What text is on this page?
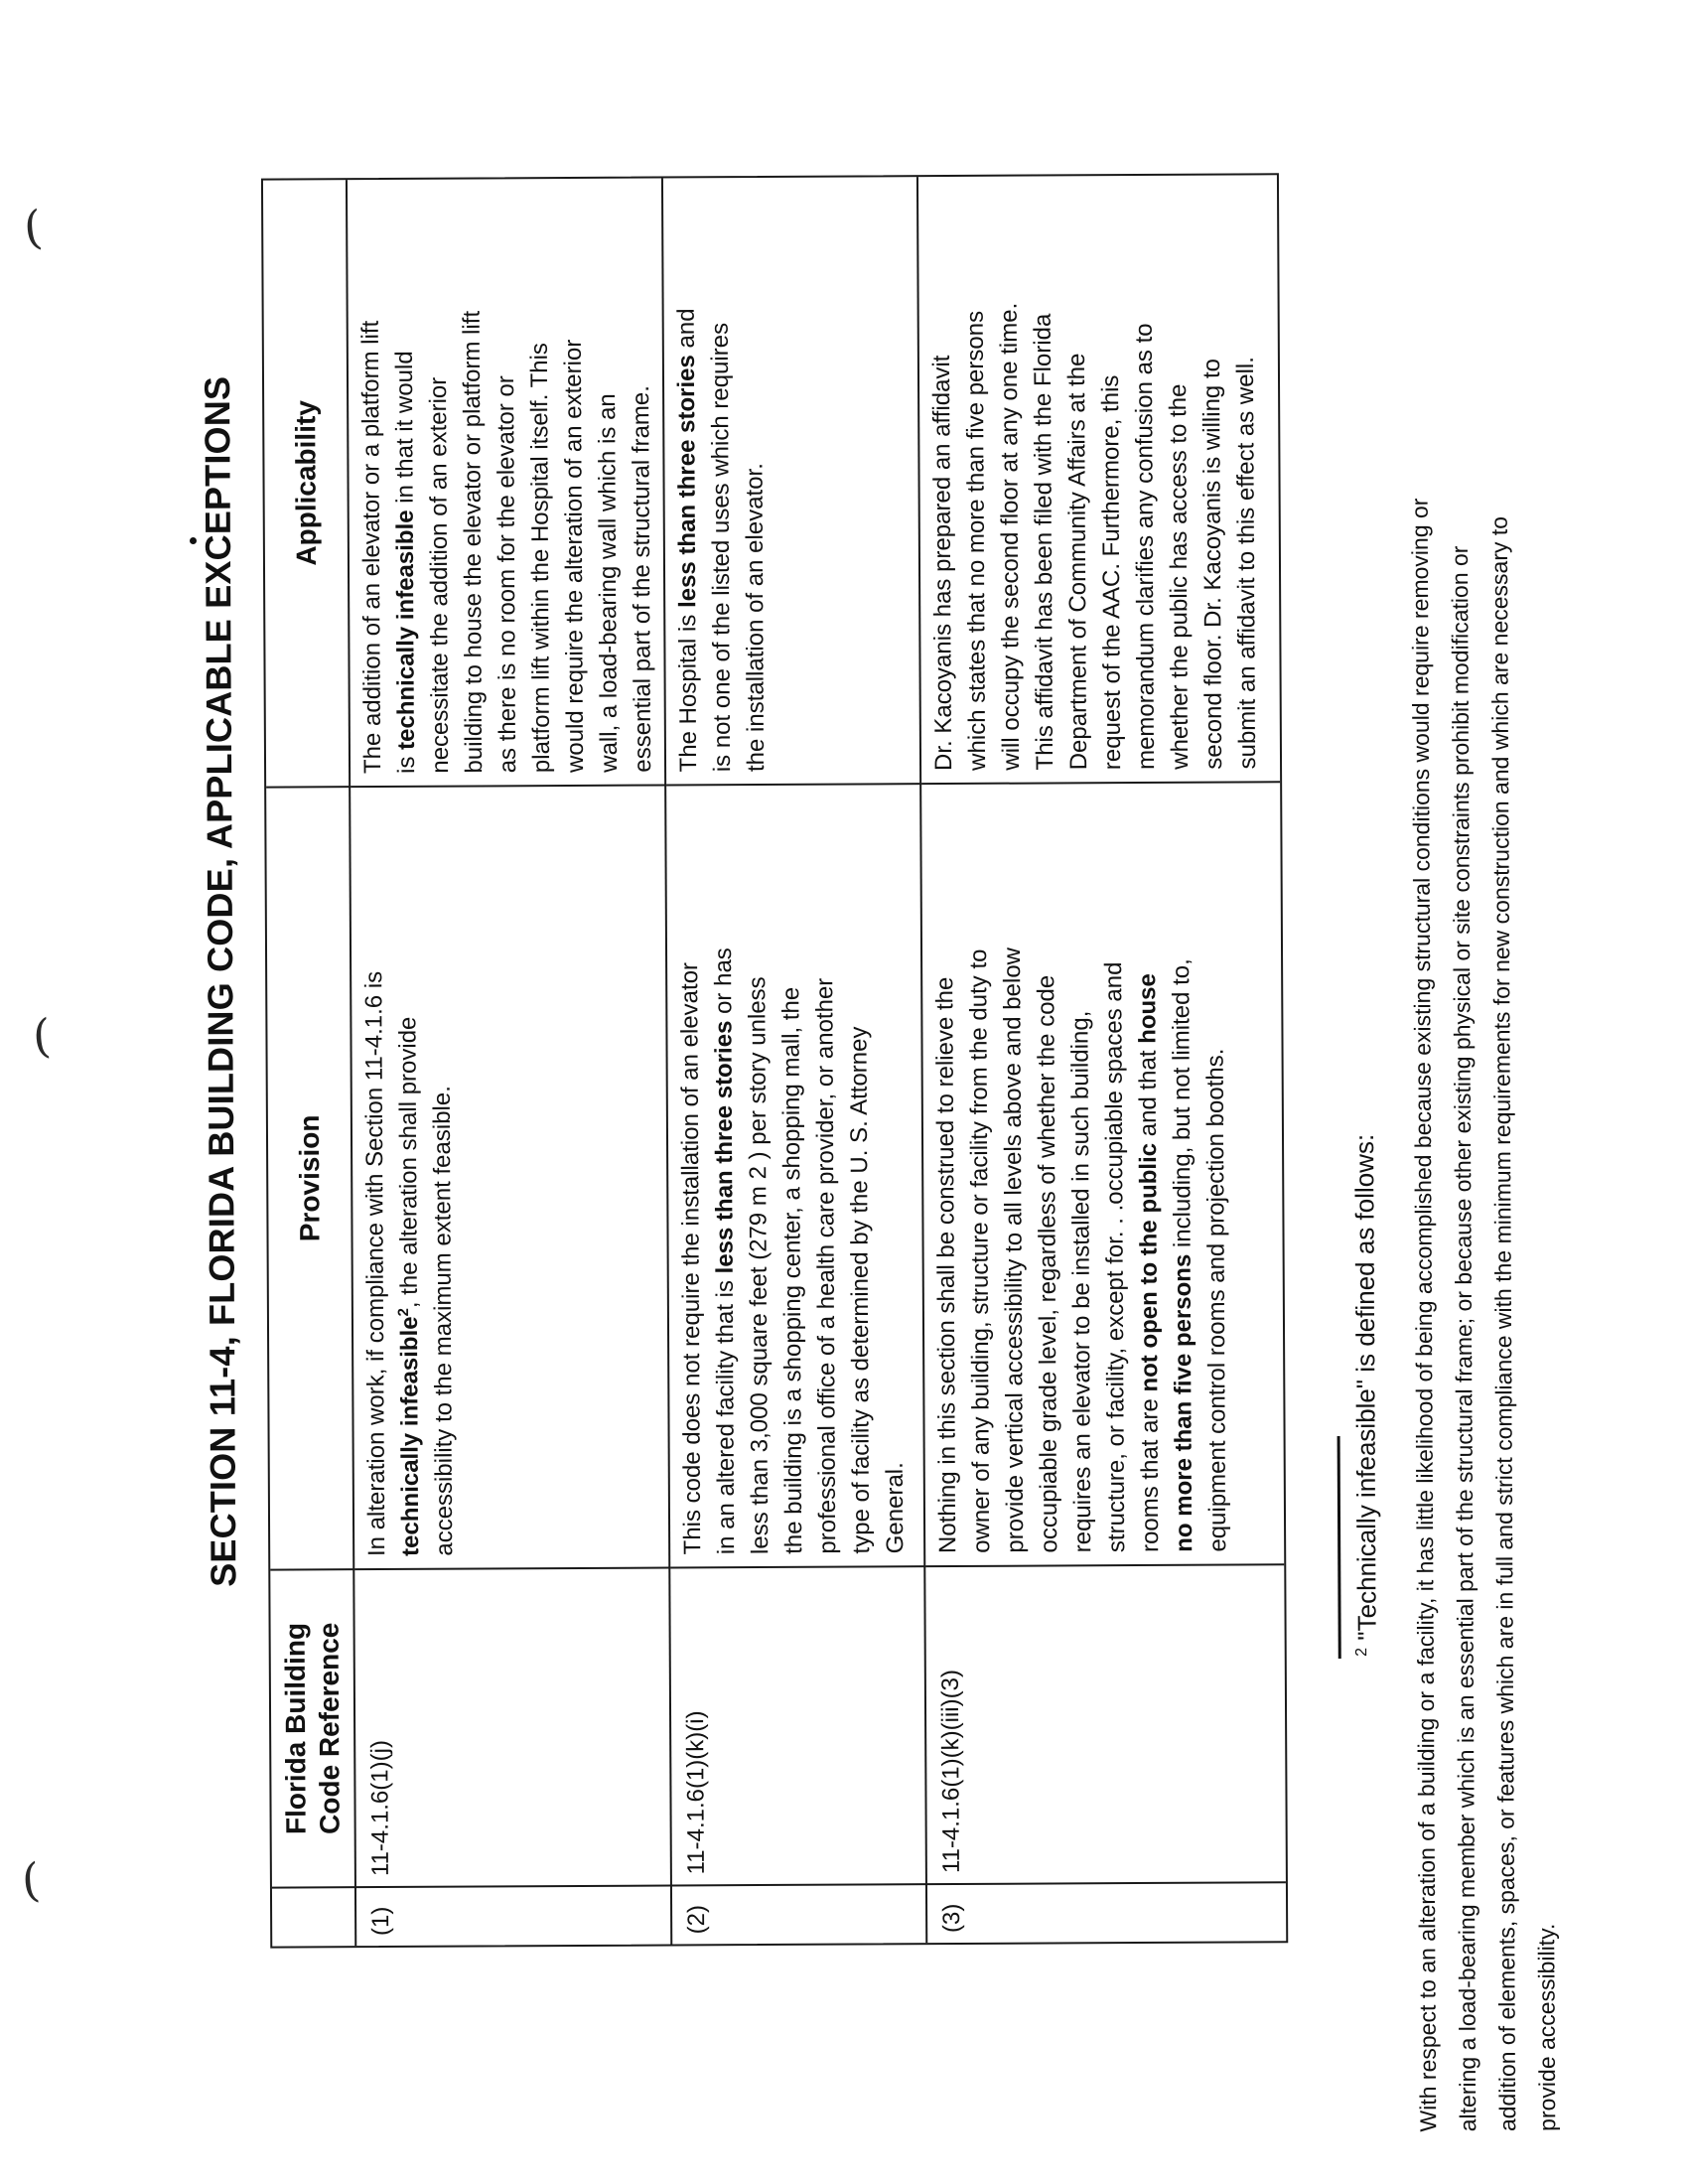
SECTION 11-4, FLORIDA BUILDING CODE, APPLICABLE EXCEPTIONS
Florida Building
Code Reference
Provision
Applicability
(1)
11-4.1.6(1)(j)
In alteration work, if compliance with Section 11-4.1.6 is
technically infeasible$^2$, the alteration shall provide
accessibility to the maximum extent feasible.
The addition of an elevator or a platform lift
is technically infeasible in that it would
necessitate the addition of an exterior
building to house the elevator or platform lift
as there is no room for the elevator or
platform lift within the Hospital itself. This
would require the alteration of an exterior
wall, a load-bearing wall which is an
essential part of the structural frame.
(2)
11-4.1.6(1)(k)(i)
This code does not require the installation of an elevator
in an altered facility that is less than three stories or has
less than 3,000 square feet (279 m 2 ) per story unless
the building is a shopping center, a shopping mall, the
professional office of a health care provider, or another
type of facility as determined by the U. S. Attorney
General.
The Hospital is less than three stories and
is not one of the listed uses which requires
the installation of an elevator.
(3)
11-4.1.6(1)(k)(iii)(3)
Nothing in this section shall be construed to relieve the
owner of any building, structure or facility from the duty to
provide vertical accessibility to all levels above and below
occupiable grade level, regardless of whether the code
requires an elevator to be installed in such building,
structure, or facility, except for. . .occupiable spaces and
rooms that are not open to the public and that house
no more than five persons including, but not limited to,
equipment control rooms and projection booths.
Dr. Kacoyanis has prepared an affidavit
which states that no more than five persons
will occupy the second floor at any one time.
This affidavit has been filed with the Florida
Department of Community Affairs at the
request of the AAC. Furthermore, this
memorandum clarifies any confusion as to
whether the public has access to the
second floor. Dr. Kacoyanis is willing to
submit an affidavit to this effect as well.
$^2$ "Technically infeasible" is defined as follows:	With respect to an alteration of a building or a facility, it has little likelihood of being accomplished because existing structural conditions would require removing or
altering a load-bearing member which is an essential part of the structural frame; or because other existing physical or site constraints prohibit modification or
addition of elements, spaces, or features which are in full and strict compliance with the minimum requirements for new construction and which are necessary to
provide accessibility.
(
(
(
